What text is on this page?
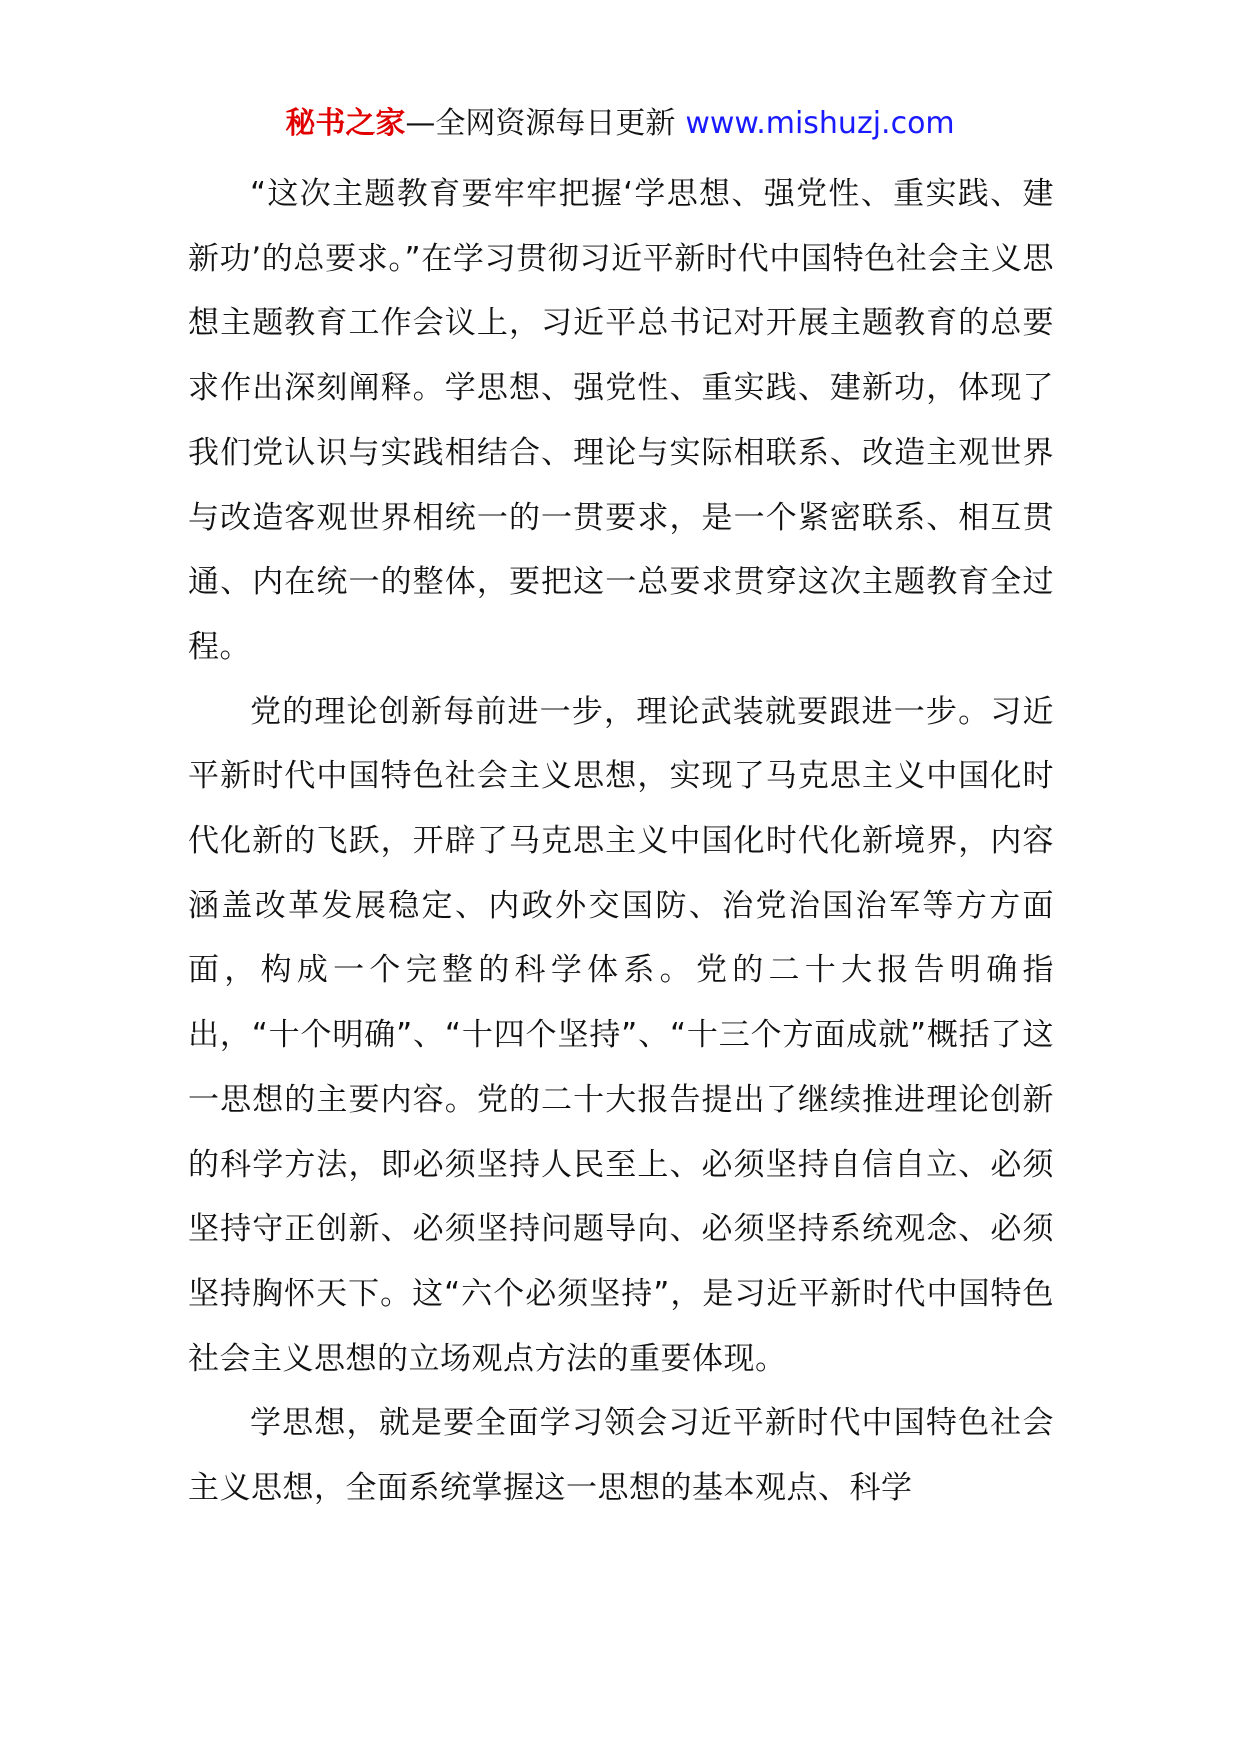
秘书之家—全网资源每日更新 www.mishuzj.com

“这次主题教育要牢牢把握‘学思想、强党性、重实践、建新功’的总要求。”在学习贯彻习近平新时代中国特色社会主义思想主题教育工作会议上，习近平总书记对开展主题教育的总要求作出深刻阐释。学思想、强党性、重实践、建新功，体现了我们党认识与实践相结合、理论与实际相联系、改造主观世界与改造客观世界相统一的一贯要求，是一个紧密联系、相互贯通、内在统一的整体，要把这一总要求贯穿这次主题教育全过程。

党的理论创新每前进一步，理论武装就要跟进一步。习近平新时代中国特色社会主义思想，实现了马克思主义中国化时代化新的飞跃，开辟了马克思主义中国化时代化新境界，内容涵盖改革发展稳定、内政外交国防、治党治国治军等方方面面，构成一个完整的科学体系。党的二十大报告明确指出，“十个明确”、“十四个坚持”、“十三个方面成就”概括了这一思想的主要内容。党的二十大报告提出了继续推进理论创新的科学方法，即必须坚持人民至上、必须坚持自信自立、必须坚持守正创新、必须坚持问题导向、必须坚持系统观念、必须坚持胸怀天下。这“六个必须坚持”，是习近平新时代中国特色社会主义思想的立场观点方法的重要体现。

学思想，就是要全面学习领会习近平新时代中国特色社会主义思想，全面系统掌握这一思想的基本观点、科学
